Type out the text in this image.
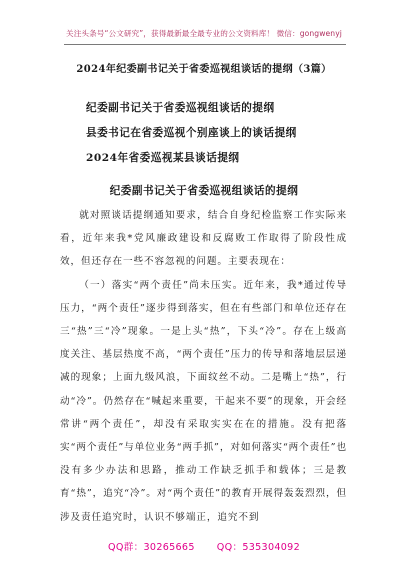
关注头条号“公文研究”，获得最新最全最专业的公文资料库！ 微信：gongwenyj
2024年纪委副书记关于省委巡视组谈话的提纲（3篇）
纪委副书记关于省委巡视组谈话的提纲
县委书记在省委巡视个别座谈上的谈话提纲
2024年省委巡视某县谈话提纲
纪委副书记关于省委巡视组谈话的提纲

就对照谈话提纲通知要求，结合自身纪检监察工作实际来看，近年来我*党风廉政建设和反腐败工作取得了阶段性成效，但还存在一些不容忽视的问题。主要表现在：

（一）落实“两个责任”尚未压实。近年来，我*通过传导压力，“两个责任”逐步得到落实，但在有些部门和单位还存在三“热”三“冷”现象。一是上头“热”，下头“冷”。存在上级高度关注、基层热度不高，“两个责任”压力的传导和落地层层递减的现象；上面九级风浪，下面纹丝不动。二是嘴上“热”，行动“冷”。仍然存在“喊起来重要，干起来不要”的现象，开会经常讲“两个责任”，却没有采取实实在在的措施。没有把落实“两个责任”与单位业务“两手抓”，对如何落实“两个责任”也没有多少办法和思路，推动工作缺乏抓手和载体；三是教育“热”，追究“冷”。对“两个责任”的教育开展得轰轰烈烈，但涉及责任追究时，认识不够端正，追究不到

QQ群：30265665 QQ：535304092
